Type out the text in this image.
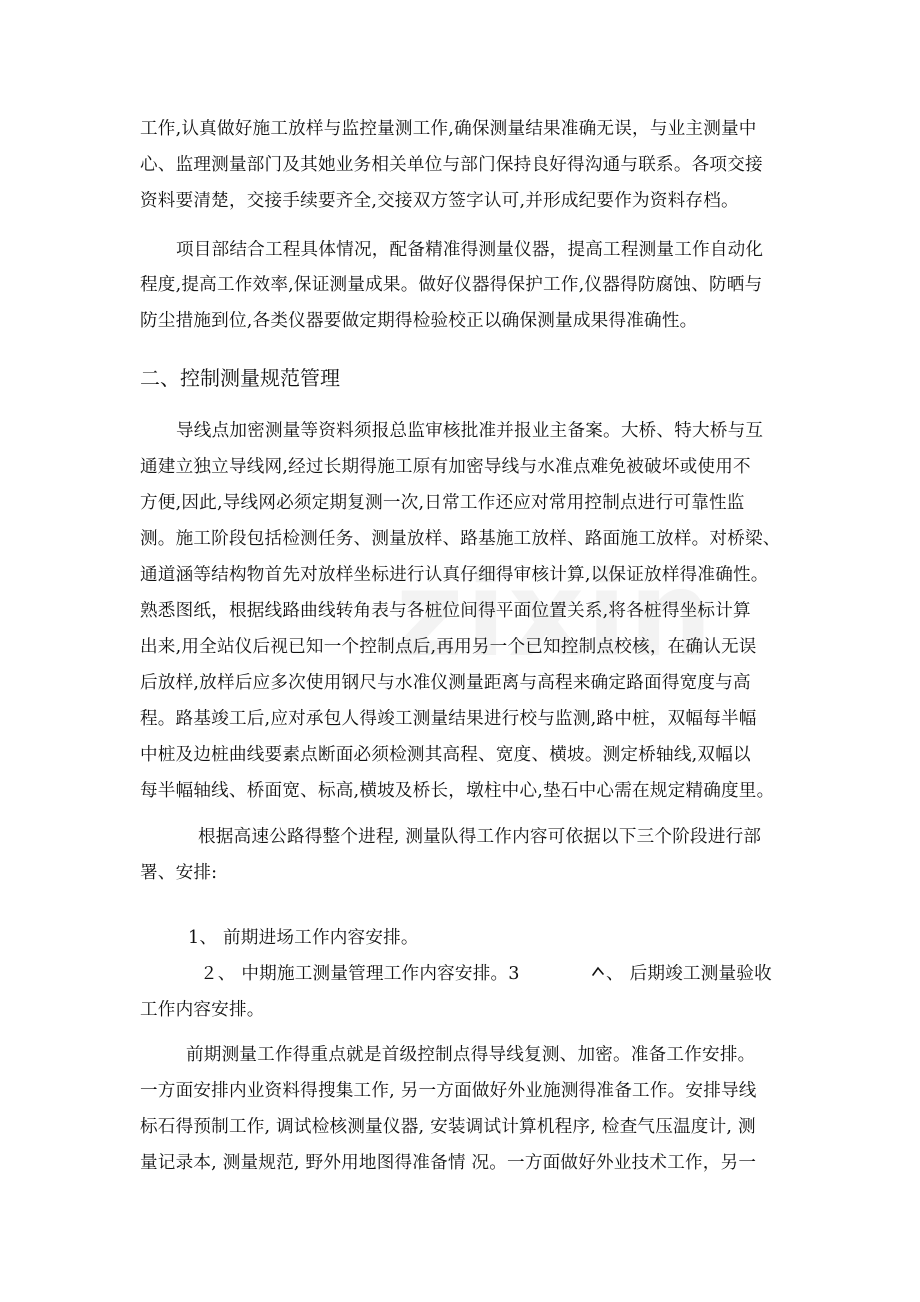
工作,认真做好施工放样与监控量测工作,确保测量结果准确无误，与业主测量中
心、监理测量部门及其她业务相关单位与部门保持良好得沟通与联系。各项交接
资料要清楚，交接手续要齐全,交接双方签字认可,并形成纪要作为资料存档。
项目部结合工程具体情况，配备精准得测量仪器，提高工程测量工作自动化
程度,提高工作效率,保证测量成果。做好仪器得保护工作,仪器得防腐蚀、防晒与
防尘措施到位,各类仪器要做定期得检验校正以确保测量成果得准确性。
二、控制测量规范管理
导线点加密测量等资料须报总监审核批准并报业主备案。大桥、特大桥与互
通建立独立导线网,经过长期得施工原有加密导线与水准点难免被破坏或使用不
方便,因此,导线网必须定期复测一次,日常工作还应对常用控制点进行可靠性监
测。施工阶段包括检测任务、测量放样、路基施工放样、路面施工放样。对桥梁、
通道涵等结构物首先对放样坐标进行认真仔细得审核计算,以保证放样得准确性。
熟悉图纸，根据线路曲线转角表与各桩位间得平面位置关系,将各桩得坐标计算
出来,用全站仪后视已知一个控制点后,再用另一个已知控制点校核，在确认无误
后放样,放样后应多次使用钢尺与水准仪测量距离与高程来确定路面得宽度与高
程。路基竣工后,应对承包人得竣工测量结果进行校与监测,路中桩，双幅每半幅
中桩及边桩曲线要素点断面必须检测其高程、宽度、横坡。测定桥轴线,双幅以
每半幅轴线、桥面宽、标高,横坡及桥长，墩柱中心,垫石中心需在规定精确度里。
根据高速公路得整个进程, 测量队得工作内容可依据以下三个阶段进行部
署、安排:
1、 前期进场工作内容安排。
２、 中期施工测量管理工作内容安排。3	、 后期竣工测量验收
工作内容安排。
前期测量工作得重点就是首级控制点得导线复测、加密。准备工作安排。
一方面安排内业资料得搜集工作, 另一方面做好外业施测得准备工作。安排导线
标石得预制工作, 调试检核测量仪器, 安装调试计算机程序, 检查气压温度计, 测
量记录本, 测量规范, 野外用地图得准备情 况。一方面做好外业技术工作，另一
